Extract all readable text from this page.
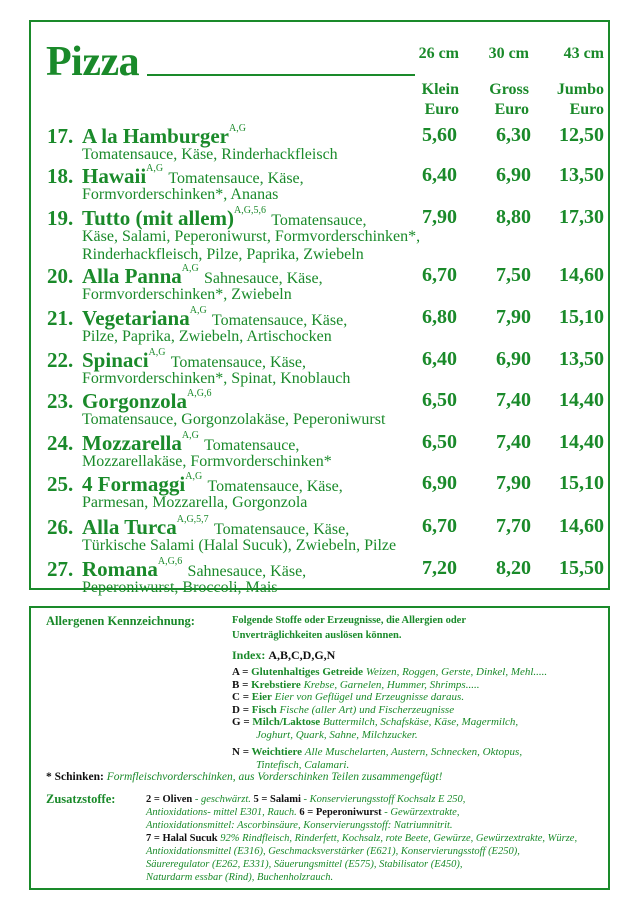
Pizza	26 cm 30 cm	43 cm
Klein	Gross	Jumbo
Euro	Euro	Euro
17. A la Hamburger$^{A,G}$	5,60	6,30	12,50
Tomatensauce, Käse, Rinderhackfleisch
18. Hawaii$^{A,G}$ Tomatensauce, Käse,	6,40	6,90	13,50
Formvorderschinken*, Ananas
19. Tutto (mit allem)$^{A,G,5,6}$ Tomatensauce,	7,90	8,80	17,30
Käse, Salami, Peperoniwurst, Formvorderschinken*,
Rinderhackfleisch, Pilze, Paprika, Zwiebeln
20. Alla Panna$^{A,G}$ Sahnesauce, Käse,	6,70	7,50	14,60
Formvorderschinken*, Zwiebeln
21. Vegetariana$^{A,G}$ Tomatensauce, Käse,	6,80	7,90	15,10
Pilze, Paprika, Zwiebeln, Artischocken
22. Spinaci$^{A,G}$ Tomatensauce, Käse,	6,40	6,90	13,50
Formvorderschinken*, Spinat, Knoblauch
23. Gorgonzola$^{A,G,6}$	6,50	7,40	14,40
Tomatensauce, Gorgonzolakäse, Peperoniwurst
24. Mozzarella$^{A,G}$ Tomatensauce,	6,50	7,40	14,40
Mozzarellakäse, Formvorderschinken*
25. 4 Formaggi$^{A,G}$ Tomatensauce, Käse,	6,90	7,90	15,10
Parmesan, Mozzarella, Gorgonzola
26. Alla Turca$^{A,G,5,7}$ Tomatensauce, Käse,	6,70	7,70	14,60
Türkische Salami (Halal Sucuk), Zwiebeln, Pilze
27. Romana$^{A,G,6}$ Sahnesauce, Käse,	7,20	8,20	15,50
Peperoniwurst, Broccoli, Mais
Allergenen Kennzeichnung:	Folgende Stoffe oder Erzeugnisse, die Allergien oder
Unverträglichkeiten auslösen können.
Index: A,B,C,D,G,N
A = Glutenhaltiges Getreide Weizen, Roggen, Gerste, Dinkel, Mehl.....
B = Krebstiere Krebse, Garnelen, Hummer, Shrimps.....
C = Eier Eier von Geflügel und Erzeugnisse daraus.
D = Fisch Fische (aller Art) und Fischerzeugnisse
G = Milch/Laktose Buttermilch, Schafskäse, Käse, Magermilch,
Joghurt, Quark, Sahne, Milchzucker.
N = Weichtiere Alle Muschelarten, Austern, Schnecken, Oktopus,
Tintefisch, Calamari.
* Schinken: Formfleischvorderschinken, aus Vorderschinken Teilen zusammengefügt!
Zusatzstoffe:	2 = Oliven - geschwärzt. 5 = Salami - Konservierungsstoff Kochsalz E 250,
Antioxidations- mittel E301, Rauch. 6 = Peperoniwurst - Gewürzextrakte,
Antioxidationsmittel: Ascorbinsäure, Konservierungsstoff: Natriumnitrit.
7 = Halal Sucuk 92% Rindfleisch, Rinderfett, Kochsalz, rote Beete, Gewürze, Gewürzextrakte, Würze,
Antioxidationsmittel (E316), Geschmacksverstärker (E621), Konservierungsstoff (E250),
Säureregulator (E262, E331), Säuerungsmittel (E575), Stabilisator (E450),
Naturdarm essbar (Rind), Buchenholzrauch.
